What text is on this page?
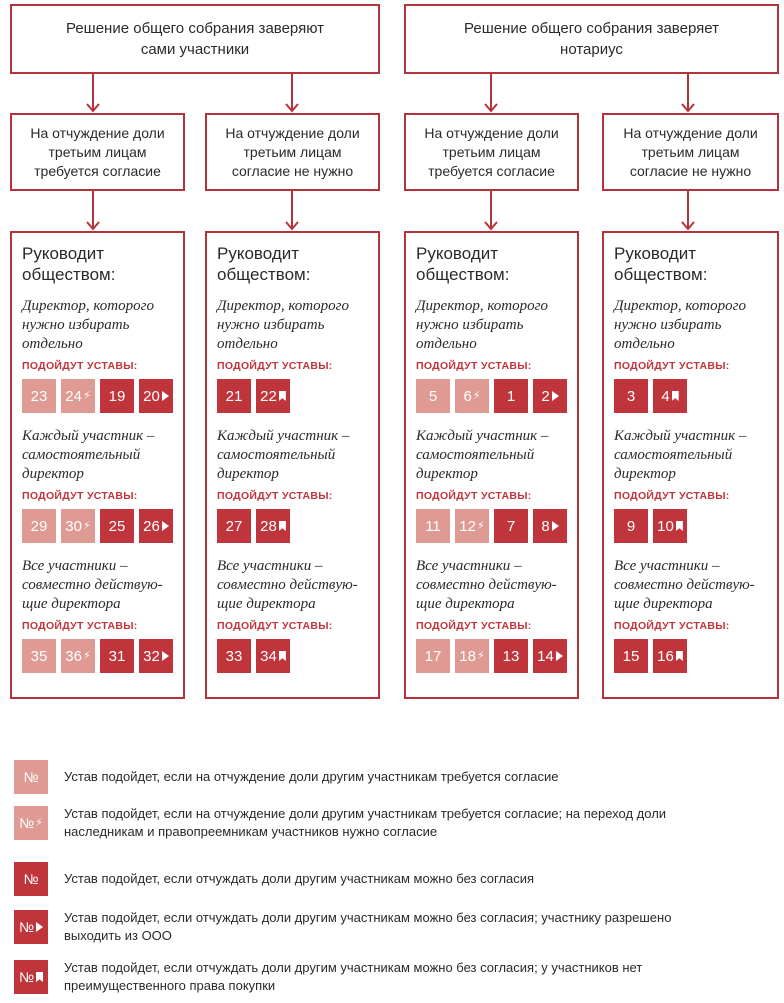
Решение общего собрания заверяют
сами участники
Решение общего собрания заверяет
нотариус
На отчуждение доли
третьим лицам
требуется согласие
На отчуждение доли
третьим лицам
согласие не нужно
На отчуждение доли
третьим лицам
требуется согласие
На отчуждение доли
третьим лицам
согласие не нужно
Руководит
обществом:
Директор, которого
нужно избирать
отдельно
ПОДОЙДУТ УСТАВЫ:
23 24 ⚡ 19 20
Каждый участник –
самостоятельный
директор
ПОДОЙДУТ УСТАВЫ:
29 30 ⚡ 25 26
Все участники –
совместно действую-
щие директора
ПОДОЙДУТ УСТАВЫ:
35 36 ⚡ 31 32
Руководит
обществом:
Директор, которого
нужно избирать
отдельно
ПОДОЙДУТ УСТАВЫ:
21 22
Каждый участник –
самостоятельный
директор
ПОДОЙДУТ УСТАВЫ:
27 28
Все участники –
совместно действую-
щие директора
ПОДОЙДУТ УСТАВЫ:
33 34
Руководит
обществом:
Директор, которого
нужно избирать
отдельно
ПОДОЙДУТ УСТАВЫ:
5 6 ⚡ 1 2
Каждый участник –
самостоятельный
директор
ПОДОЙДУТ УСТАВЫ:
11 12 ⚡ 7 8
Все участники –
совместно действую-
щие директора
ПОДОЙДУТ УСТАВЫ:
17 18 ⚡ 13 14
Руководит
обществом:
Директор, которого
нужно избирать
отдельно
ПОДОЙДУТ УСТАВЫ:
3 4
Каждый участник –
самостоятельный
директор
ПОДОЙДУТ УСТАВЫ:
9 10
Все участники –
совместно действую-
щие директора
ПОДОЙДУТ УСТАВЫ:
15 16
№ Устав подойдет, если на отчуждение доли другим участникам требуется согласие
№ ⚡
Устав подойдет, если на отчуждение доли другим участникам требуется согласие; на переход доли
наследникам и правопреемникам участников нужно согласие
№ Устав подойдет, если отчуждать доли другим участникам можно без согласия
№
Устав подойдет, если отчуждать доли другим участникам можно без согласия; участнику разрешено
выходить из ООО
№
Устав подойдет, если отчуждать доли другим участникам можно без согласия; у участников нет
преимущественного права покупки
